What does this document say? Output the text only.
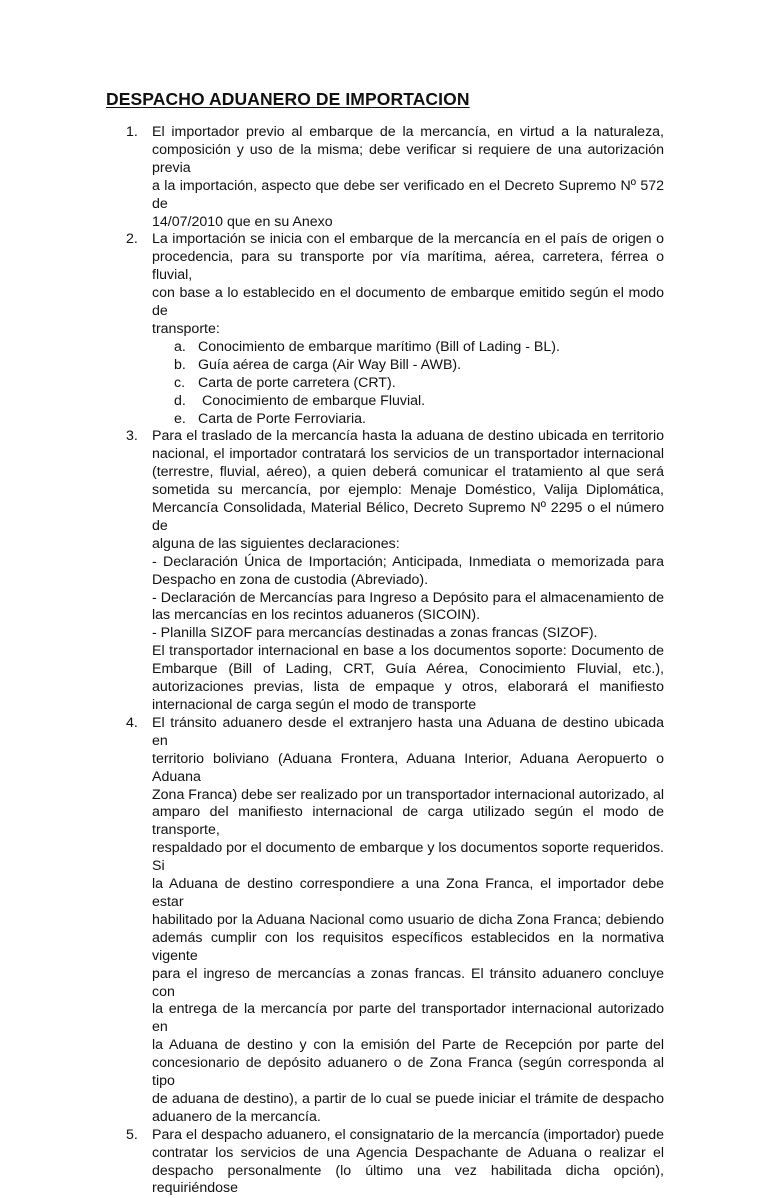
DESPACHO ADUANERO DE IMPORTACION
1. El importador previo al embarque de la mercancía, en virtud a la naturaleza,
composición y uso de la misma; debe verificar si requiere de una autorización previa
a la importación, aspecto que debe ser verificado en el Decreto Supremo Nº 572 de
14/07/2010 que en su Anexo
2. La importación se inicia con el embarque de la mercancía en el país de origen o
procedencia, para su transporte por vía marítima, aérea, carretera, férrea o fluvial,
con base a lo establecido en el documento de embarque emitido según el modo de
transporte:
a. Conocimiento de embarque marítimo (Bill of Lading - BL).
b. Guía aérea de carga (Air Way Bill - AWB).
c. Carta de porte carretera (CRT).
d. Conocimiento de embarque Fluvial.
e. Carta de Porte Ferroviaria.
3. Para el traslado de la mercancía hasta la aduana de destino ubicada en territorio
nacional, el importador contratará los servicios de un transportador internacional
(terrestre, fluvial, aéreo), a quien deberá comunicar el tratamiento al que será
sometida su mercancía, por ejemplo: Menaje Doméstico, Valija Diplomática,
Mercancía Consolidada, Material Bélico, Decreto Supremo Nº 2295 o el número de
alguna de las siguientes declaraciones:
- Declaración Única de Importación; Anticipada, Inmediata o memorizada para
Despacho en zona de custodia (Abreviado).
- Declaración de Mercancías para Ingreso a Depósito para el almacenamiento de
las mercancías en los recintos aduaneros (SICOIN).
- Planilla SIZOF para mercancías destinadas a zonas francas (SIZOF).
El transportador internacional en base a los documentos soporte: Documento de
Embarque (Bill of Lading, CRT, Guía Aérea, Conocimiento Fluvial, etc.),
autorizaciones previas, lista de empaque y otros, elaborará el manifiesto
internacional de carga según el modo de transporte
4. El tránsito aduanero desde el extranjero hasta una Aduana de destino ubicada en
territorio boliviano (Aduana Frontera, Aduana Interior, Aduana Aeropuerto o Aduana
Zona Franca) debe ser realizado por un transportador internacional autorizado, al
amparo del manifiesto internacional de carga utilizado según el modo de transporte,
respaldado por el documento de embarque y los documentos soporte requeridos. Si
la Aduana de destino correspondiere a una Zona Franca, el importador debe estar
habilitado por la Aduana Nacional como usuario de dicha Zona Franca; debiendo
además cumplir con los requisitos específicos establecidos en la normativa vigente
para el ingreso de mercancías a zonas francas. El tránsito aduanero concluye con
la entrega de la mercancía por parte del transportador internacional autorizado en
la Aduana de destino y con la emisión del Parte de Recepción por parte del
concesionario de depósito aduanero o de Zona Franca (según corresponda al tipo
de aduana de destino), a partir de lo cual se puede iniciar el trámite de despacho
aduanero de la mercancía.
5. Para el despacho aduanero, el consignatario de la mercancía (importador) puede
contratar los servicios de una Agencia Despachante de Aduana o realizar el
despacho personalmente (lo último una vez habilitada dicha opción), requiriéndose
